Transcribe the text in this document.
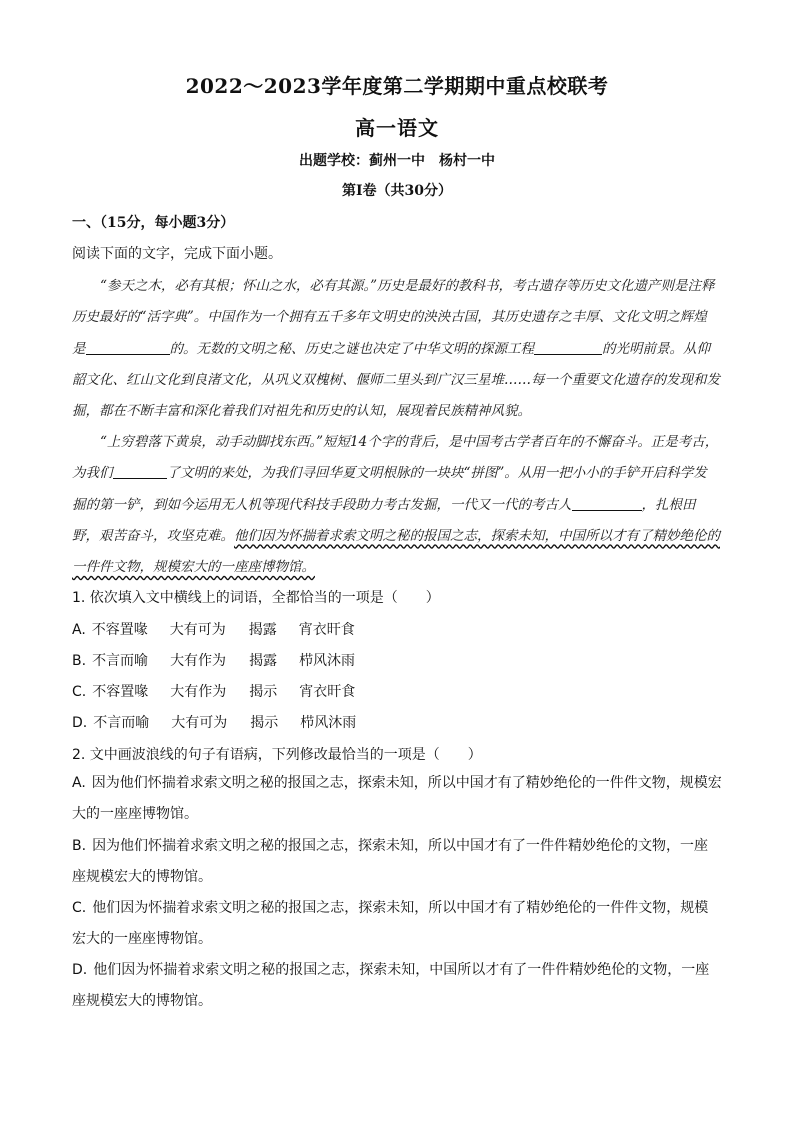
2022～2023学年度第二学期期中重点校联考
高一语文
出题学校：蓟州一中　杨村一中
第Ⅰ卷（共30分）
一、（15分，每小题3分）
阅读下面的文字，完成下面小题。
“参天之木，必有其根；怀山之水，必有其源。”历史是最好的教科书，考古遗存等历史文化遗产则是注释历史最好的“活字典”。中国作为一个拥有五千多年文明史的泱泱古国，其历史遗存之丰厚、文化文明之辉煌是	的。无数的文明之秘、历史之谜也决定了中华文明的探源工程	的光明前景。从仰韶文化、红山文化到良渚文化，从巩义双槐树、偃师二里头到广汉三星堆……每一个重要文化遗存的发现和发掘，都在不断丰富和深化着我们对祖先和历史的认知，展现着民族精神风貌。
“上穷碧落下黄泉，动手动脚找东西。”短短14个字的背后，是中国考古学者百年的不懈奋斗。正是考古，为我们	了文明的来处，为我们寻回华夏文明根脉的一块块“拼图”。从用一把小小的手铲开启科学发掘的第一铲，到如今运用无人机等现代科技手段助力考古发掘，一代又一代的考古人	，扎根田野，艰苦奋斗，攻坚克难。他们因为怀揣着求索文明之秘的报国之志，探索未知，中国所以才有了精妙绝伦的一件件文物，规模宏大的一座座博物馆。
1. 依次填入文中横线上的词语，全都恰当的一项是（　　）
A. 不容置喙 大有可为 揭露 宵衣旰食
B. 不言而喻 大有作为 揭露 栉风沐雨
C. 不容置喙 大有作为 揭示 宵衣旰食
D. 不言而喻 大有可为 揭示 栉风沐雨
2. 文中画波浪线的句子有语病，下列修改最恰当的一项是（　　）
A. 因为他们怀揣着求索文明之秘的报国之志，探索未知，所以中国才有了精妙绝伦的一件件文物，规模宏大的一座座博物馆。
B. 因为他们怀揣着求索文明之秘的报国之志，探索未知，所以中国才有了一件件精妙绝伦的文物，一座座规模宏大的博物馆。
C. 他们因为怀揣着求索文明之秘的报国之志，探索未知，所以中国才有了精妙绝伦的一件件文物，规模宏大的一座座博物馆。
D. 他们因为怀揣着求索文明之秘的报国之志，探索未知，中国所以才有了一件件精妙绝伦的文物，一座座规模宏大的博物馆。
